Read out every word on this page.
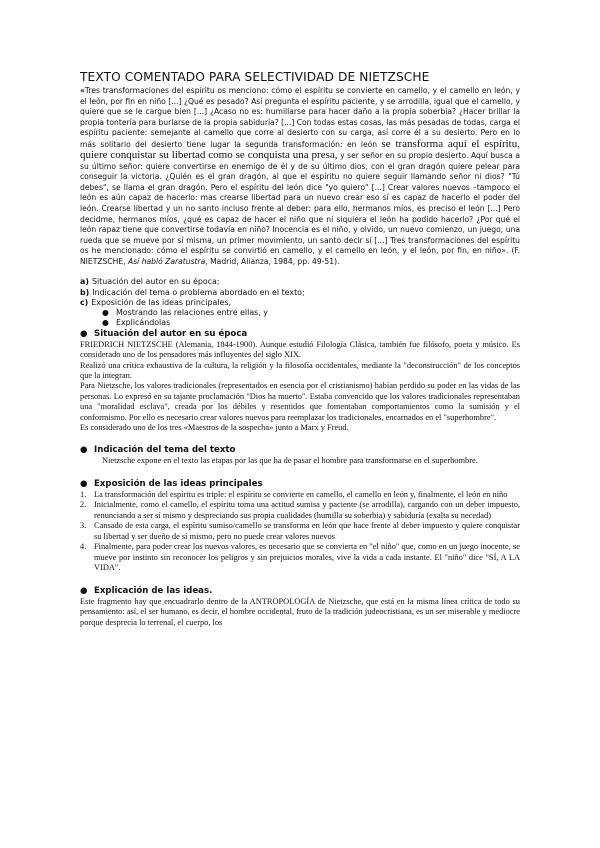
TEXTO COMENTADO PARA SELECTIVIDAD DE NIETZSCHE

«Tres transformaciones del espíritu os menciono: cómo el espíritu se convierte en camello, y el camello en león, y el león, por fin en niño [...] ¿Qué es pesado? Así pregunta el espíritu paciente, y se arrodilla, igual que el camello, y quiere que se le cargue bien [...] ¿Acaso no es: humillarse para hacer daño a la propia soberbia? ¿Hacer brillar la propia tontería para burlarse de la propia sabiduría? [...] Con todas estas cosas, las más pesadas de todas, carga el espíritu paciente: semejante al camello que corre al desierto con su carga, así corre él a su desierto. Pero en lo más solitario del desierto tiene lugar la segunda transformación: en león se transforma aquí el espíritu, quiere conquistar su libertad como se conquista una presa, y ser señor en su propio desierto. Aquí busca a su último señor: quiere convertirse en enemigo de él y de su último dios, con el gran dragón quiere pelear para conseguir la victoria. ¿Quién es el gran dragón, al que el espíritu no quiere seguir llamando señor ni dios? "Tú debes", se llama el gran dragón. Pero el espíritu del león dice "yo quiero" [...] Crear valores nuevos –tampoco el león es aún capaz de hacerlo: mas crearse libertad para un nuevo crear eso sí es capaz de hacerlo el poder del león. Crearse libertad y un no santo incluso frente al deber: para ello, hermanos míos, es preciso el león [...] Pero decidme, hermanos míos, ¿qué es capaz de hacer el niño que ni siquiera el león ha podido hacerlo? ¿Por qué el león rapaz tiene que convertirse todavía en niño? Inocencia es el niño, y olvido, un nuevo comienzo, un juego, una rueda que se mueve por sí misma, un primer movimiento, un santo decir sí [...] Tres transformaciones del espíritu os he mencionado: cómo el espíritu se convirtió en camello, y el camello en león, y el león, por fin, en niño». (F. NIETZSCHE, Así habló Zaratustra, Madrid, Alianza, 1984, pp. 49-51).

a) Situación del autor en su época;
b) Indicación del tema o problema abordado en el texto;
c) Exposición de las ideas principales,
● Mostrando las relaciones entre ellas, y
● Explicándolas
● Situación del autor en su época

FRIEDRICH NIETZSCHE (Alemania, 1844-1900). Aunque estudió Filología Clásica, también fue filósofo, poeta y músico. Es considerado uno de los pensadores más influyentes del siglo XIX.

Realizó una crítica exhaustiva de la cultura, la religión y la filosofía occidentales, mediante la "deconstrucción" de los conceptos que la integran.

Para Nietzsche, los valores tradicionales (representados en esencia por el cristianismo) habían perdido su poder en las vidas de las personas. Lo expresó en su tajante proclamación "Dios ha muerto". Estaba convencido que los valores tradicionales representaban una "moralidad esclava", creada por los débiles y resentidos que fomentaban comportamientos como la sumisión y el conformismo. Por ello es necesario crear valores nuevos para reemplazar los tradicionales, encarnados en el "superhombre".

Es considerado uno de los tres «Maestros de la sospecha» junto a Marx y Freud.

● Indicación del tema del texto

Nietzsche expone en el texto las etapas por las que ha de pasar el hombre para transformarse en el superhombre.

● Exposición de las ideas principales
1. La transformación del espíritu es triple: el espíritu se convierte en camello, el camello en león y, finalmente, el león en niño
2. Inicialmente, como el camello, el espíritu toma una actitud sumisa y paciente (se arrodilla), cargando con un deber impuesto, renunciando a ser sí mismo y despreciando sus propia cualidades (humilla su soberbia) y sabiduría (exalta su necedad)
3. Cansado de esta carga, el espíritu sumiso/camello se transforma en león que hace frente al deber impuesto y quiere conquistar su libertad y ser dueño de sí mismo, pero no puede crear valores nuevos
4. Finalmente, para poder crear los nuevos valores, es necesario que se convierta en "el niño" que, como en un juego inocente, se mueve por instinto sin reconocer los peligros y sin prejuicios morales, vive la vida a cada instante. El "niño" dice "SÍ, A LA VIDA".
● Explicación de las ideas.

Este fragmento hay que encuadrarlo dentro de la ANTROPOLOGÍA de Nietzsche, que está en la misma línea crítica de todo su pensamiento: así, el ser humano, es decir, el hombre occidental, fruto de la tradición judeocristiana, es un ser miserable y mediocre porque desprecia lo terrenal, el cuerpo, los
